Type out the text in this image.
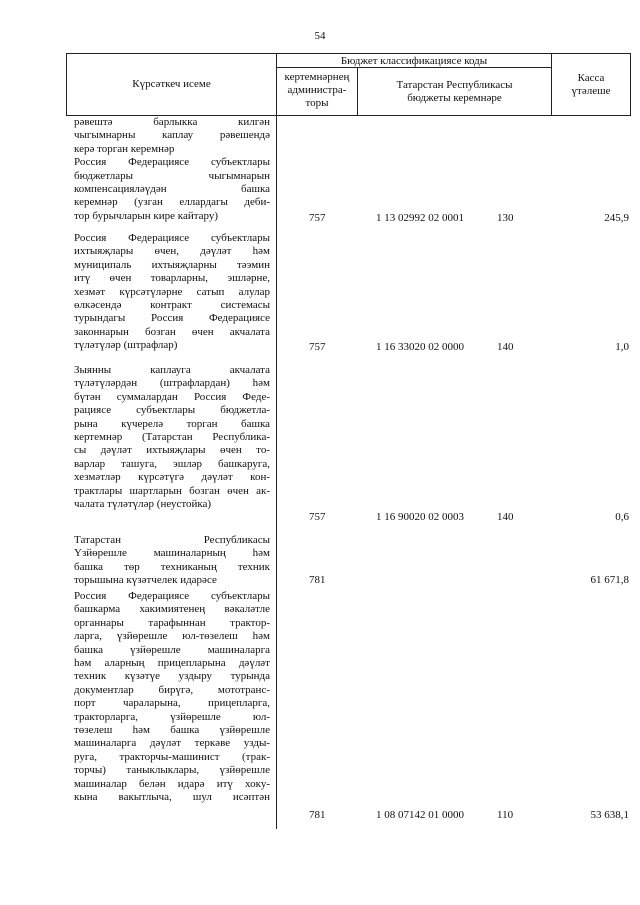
54
Күрсәткеч исеме
Бюджет классификациясе коды
кертемнәрнең
администра-
торы
Татарстан Республикасы
бюджеты керемнәре
Касса
үтәлеше
рәвештә барлыкка килгән
чыгымнарны каплау рәвешендә
керә торган керемнәр
Россия Федерациясе субъектлары
бюджетлары чыгымнарын
компенсацияләүдән башка
керемнәр (узган еллардагы деби-
тор бурычларын кире кайтару)	757	1 13 02992 02 0001	130	245,9
Россия Федерациясе субъектлары
ихтыяҗлары өчен, дәүләт һәм
муниципаль ихтыяҗларны тәэмин
итү өчен товарларны, эшләрне,
хезмәт күрсәтүләрне сатып алулар
өлкәсендә контракт системасы
турындагы Россия Федерациясе
законнарын бозган өчен акчалата
түләтүләр (штрафлар)	757	1 16 33020 02 0000	140	1,0
Зыянны каплауга акчалата
түләтүләрдән (штрафлардан) һәм
бүтән суммалардан Россия Феде-
рациясе субъектлары бюджетла-
рына күчерелә торган башка
кертемнәр (Татарстан Республика-
сы дәүләт ихтыяҗлары өчен то-
варлар ташуга, эшләр башкаруга,
хезмәтләр күрсәтүгә дәүләт кон-
трактлары шартларын бозган өчен ак-
чалата түләтүләр (неустойка)
757	1 16 90020 02 0003	140	0,6
Татарстан Республикасы
Үзйөрешле машиналарның һәм
башка төр техниканың техник
торышына күзәтчелек идарәсе	781	61 671,8
Россия Федерациясе субъектлары
башкарма хакимиятенең вәкаләтле
органнары тарафыннан трактор-
ларга, үзйөрешле юл-төзелеш һәм
башка үзйөрешле машиналарга
һәм аларның прицепларына дәүләт
техник күзәтүе уздыру турында
документлар бирүгә, мототранс-
порт чараларына, прицепларга,
тракторларга, үзйөрешле юл-
төзелеш һәм башка үзйөрешле
машиналарга дәүләт теркәве узды-
руга, тракторчы-машинист (трак-
торчы) таныклыклары, үзйөрешле
машиналар белән идарә итү хоку-
кына вакытлыча, шул исәптән
781	1 08 07142 01 0000	110	53 638,1
